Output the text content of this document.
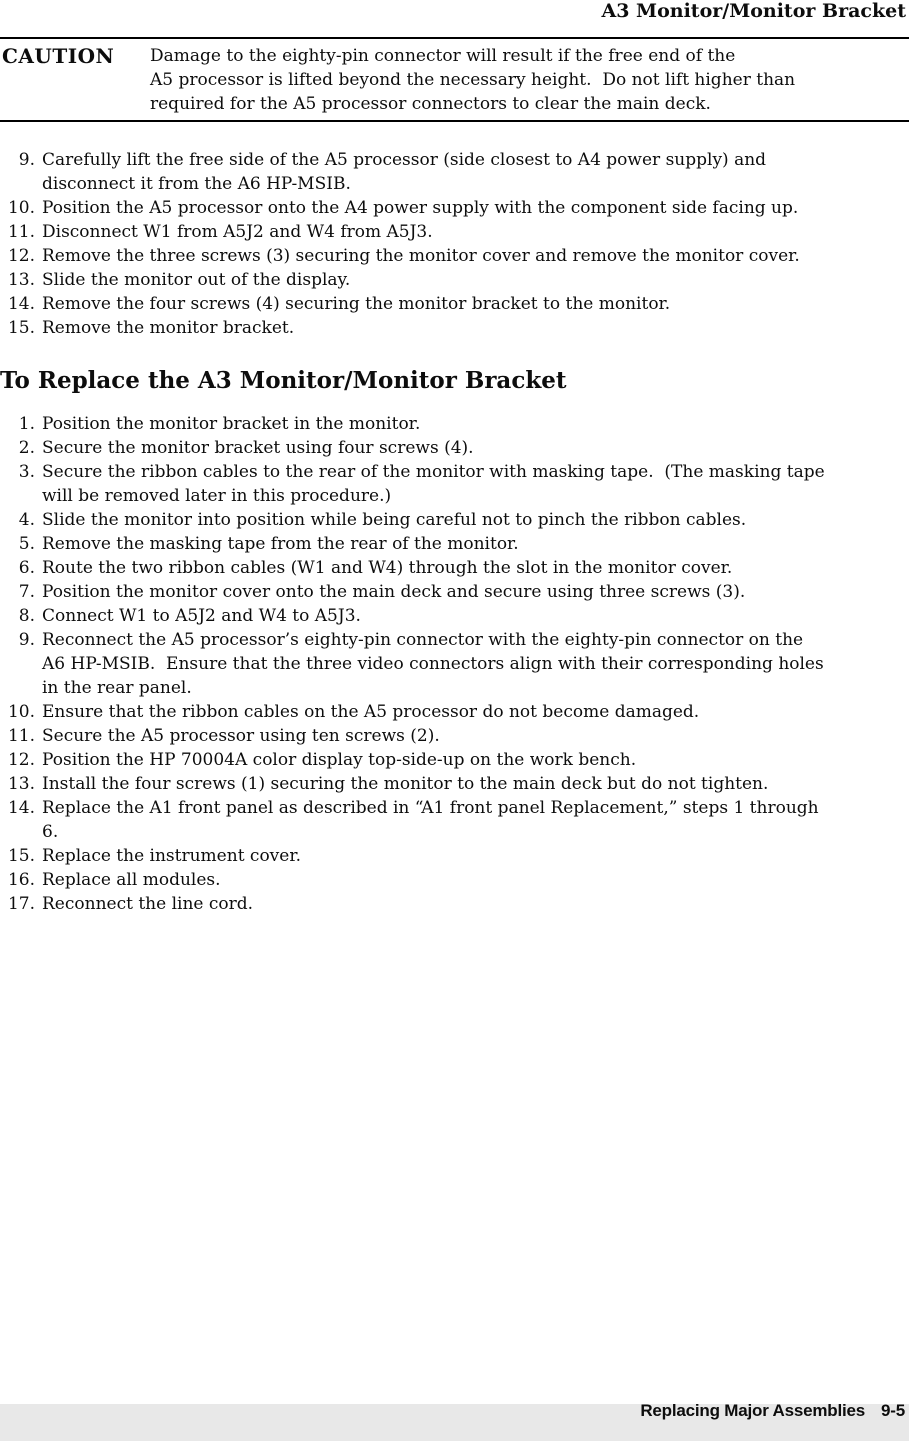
A3 Monitor/Monitor Bracket
CAUTION	Damage to the eighty-pin connector will result if the free end of the
A5 processor is lifted beyond the necessary height.  Do not lift higher than
required for the A5 processor connectors to clear the main deck.
9. Carefully lift the free side of the A5 processor (side closest to A4 power supply) and
disconnect it from the A6 HP-MSIB.
10. Position the A5 processor onto the A4 power supply with the component side facing up.
11. Disconnect W1 from A5J2 and W4 from A5J3.
12. Remove the three screws (3) securing the monitor cover and remove the monitor cover.
13. Slide the monitor out of the display.
14. Remove the four screws (4) securing the monitor bracket to the monitor.
15. Remove the monitor bracket.
To Replace the A3 Monitor/Monitor Bracket
1. Position the monitor bracket in the monitor.
2. Secure the monitor bracket using four screws (4).
3. Secure the ribbon cables to the rear of the monitor with masking tape.  (The masking tape
will be removed later in this procedure.)
4. Slide the monitor into position while being careful not to pinch the ribbon cables.
5. Remove the masking tape from the rear of the monitor.
6. Route the two ribbon cables (W1 and W4) through the slot in the monitor cover.
7. Position the monitor cover onto the main deck and secure using three screws (3).
8. Connect W1 to A5J2 and W4 to A5J3.
9. Reconnect the A5 processor’s eighty-pin connector with the eighty-pin connector on the
A6 HP-MSIB.  Ensure that the three video connectors align with their corresponding holes
in the rear panel.
10. Ensure that the ribbon cables on the A5 processor do not become damaged.
11. Secure the A5 processor using ten screws (2).
12. Position the HP 70004A color display top-side-up on the work bench.
13. Install the four screws (1) securing the monitor to the main deck but do not tighten.
14. Replace the A1 front panel as described in “A1 front panel Replacement,” steps 1 through
6.
15. Replace the instrument cover.
16. Replace all modules.
17. Reconnect the line cord.

Replacing Major Assemblies 9-5
